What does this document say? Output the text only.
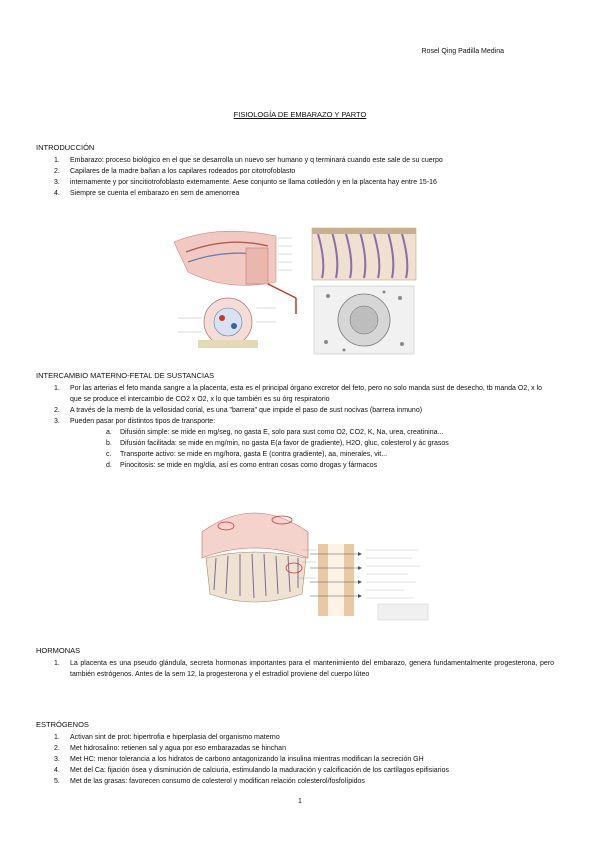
Rosel Qing Padilla Medina
FISIOLOGÍA DE EMBARAZO Y PARTO
INTRODUCCIÓN
1. Embarazo: proceso biológico en el que se desarrolla un nuevo ser humano y q terminará cuando este sale de su cuerpo
2. Capilares de la madre bañan a los capilares rodeados por citotrofoblasto
3. internamente y por sincitiotrofoblasto externamente. Aese conjunto se llama cotiledón y en la placenta hay entre 15-16
4. Siempre se cuenta el embarazo en sem de amenorrea
INTERCAMBIO MATERNO-FETAL DE SUSTANCIAS
1. Por las arterias el feto manda sangre a la placenta, esta es el principal órgano excretor del feto, pero no solo manda sust de desecho, tb manda O2, x lo que se produce el intercambio de CO2 x O2, x lo que también es su órg respiratorio
2. A través de la memb de la vellosidad corial, es una "barrera" que impide el paso de sust nocivas (barrera inmuno)
3. Pueden pasar por distintos tipos de transporte:
a. Difusión simple: se mide en mg/seg, no gasta E, solo para sust como O2, CO2, K, Na, urea, creatinina...
b. Difusión facilitada: se mide en mg/min, no gasta E(a favor de gradiente), H2O, gluc, colesterol y ác grasos
c. Transporte activo: se mide en mg/hora, gasta E (contra gradiente), aa, minerales, vit...
d. Pinocitosis: se mide en mg/día, así es como entran cosas como drogas y fármacos
HORMONAS
1. La placenta es una pseudo glándula, secreta hormonas importantes para el mantenimiento del embarazo, genera fundamentalmente progesterona, pero también estrógenos. Antes de la sem 12, la progesterona y el estradiol proviene del cuerpo lúteo
ESTRÓGENOS
1. Activan sint de prot: hipertrofia e hiperplasia del organismo materno
2. Met hidrosalino: retienen sal y agua por eso embarazadas se hinchan
3. Met HC: menor tolerancia a los hidratos de carbono antagonizando la insulina mientras modifican la secreción GH
4. Met del Ca: fijación ósea y disminución de calciuria, estimulando la maduración y calcificación de los cartílagos epifisiarios
5. Met de las grasas: favorecen consumo de colesterol y modifican relación colesterol/fosfolípidos
1
